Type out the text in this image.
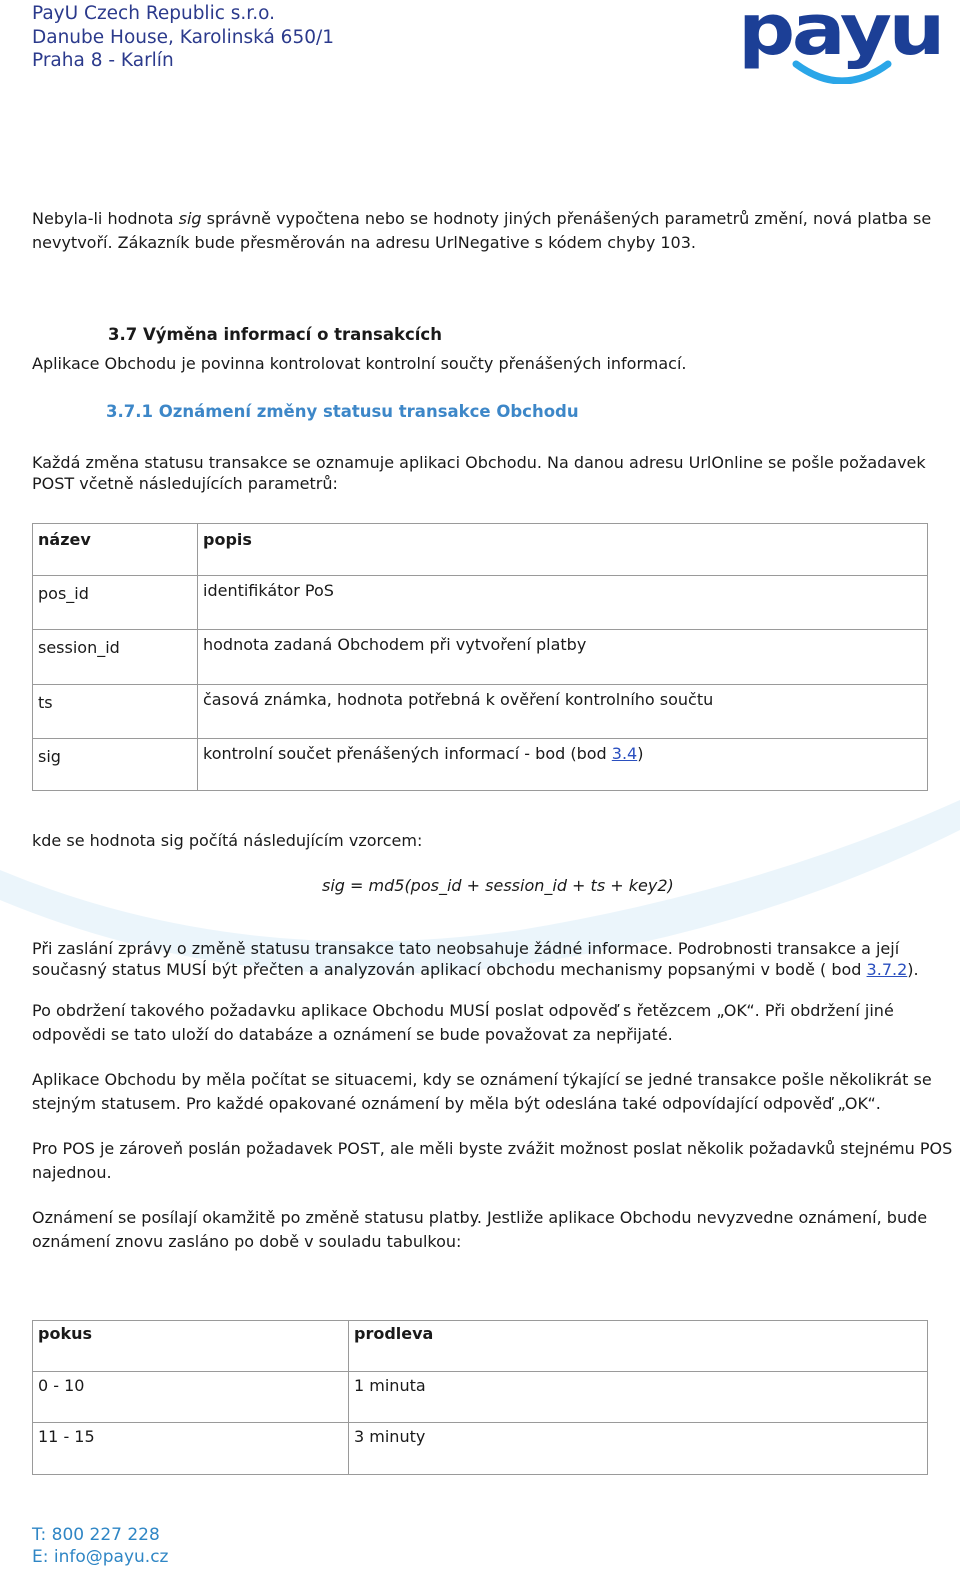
PayU Czech Republic s.r.o.
Danube House, Karolinská 650/1
Praha 8 - Karlín	payu
Nebyla-li hodnota sig správně vypočtena nebo se hodnoty jiných přenášených parametrů změní, nová platba se nevytvoří. Zákazník bude přesměrován na adresu UrlNegative s kódem chyby 103.
3.7 Výměna informací o transakcích
Aplikace Obchodu je povinna kontrolovat kontrolní součty přenášených informací.
3.7.1 Oznámení změny statusu transakce Obchodu
Každá změna statusu transakce se oznamuje aplikaci Obchodu. Na danou adresu UrlOnline se pošle požadavek POST včetně následujících parametrů:
název	popis
pos_id	identifikátor PoS
session_id	hodnota zadaná Obchodem při vytvoření platby
ts	časová známka, hodnota potřebná k ověření kontrolního součtu
sig	kontrolní součet přenášených informací - bod (bod 3.4)
kde se hodnota sig počítá následujícím vzorcem:
sig = md5(pos_id + session_id + ts + key2)
Při zaslání zprávy o změně statusu transakce tato neobsahuje žádné informace. Podrobnosti transakce a její současný status MUSÍ být přečten a analyzován aplikací obchodu mechanismy popsanými v bodě ( bod 3.7.2).
Po obdržení takového požadavku aplikace Obchodu MUSÍ poslat odpověď s řetězcem „OK“. Při obdržení jiné odpovědi se tato uloží do databáze a oznámení se bude považovat za nepřijaté.
Aplikace Obchodu by měla počítat se situacemi, kdy se oznámení týkající se jedné transakce pošle několikrát se stejným statusem. Pro každé opakované oznámení by měla být odeslána také odpovídající odpověď „OK“.
Pro POS je zároveň poslán požadavek POST, ale měli byste zvážit možnost poslat několik požadavků stejnému POS najednou.
Oznámení se posílají okamžitě po změně statusu platby. Jestliže aplikace Obchodu nevyzvedne oznámení, bude oznámení znovu zasláno po době v souladu tabulkou:
pokus	prodleva
0 - 10	1 minuta
11 - 15	3 minuty
T: 800 227 228
E: info@payu.cz
